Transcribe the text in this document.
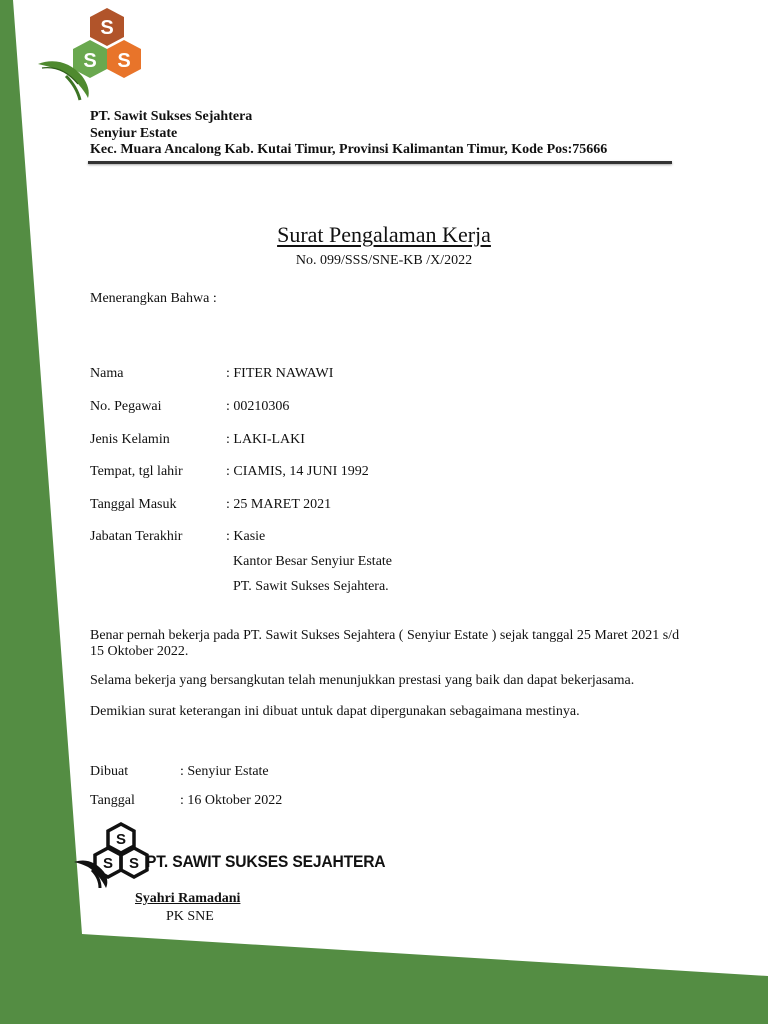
S
S S
PT. Sawit Sukses Sejahtera
Senyiur Estate
Kec. Muara Ancalong Kab. Kutai Timur, Provinsi Kalimantan Timur, Kode Pos:75666
Surat Pengalaman Kerja
No. 099/SSS/SNE-KB /X/2022
Menerangkan Bahwa :
Nama	: FITER NAWAWI
No. Pegawai	: 00210306
Jenis Kelamin	: LAKI-LAKI
Tempat, tgl lahir	: CIAMIS, 14 JUNI 1992
Tanggal Masuk	: 25 MARET 2021
Jabatan Terakhir	: Kasie
Kantor Besar Senyiur Estate
PT. Sawit Sukses Sejahtera.
Benar pernah bekerja pada PT. Sawit Sukses Sejahtera ( Senyiur Estate ) sejak tanggal 25 Maret 2021 s/d 15 Oktober 2022.
Selama bekerja yang bersangkutan telah menunjukkan prestasi yang baik dan dapat bekerjasama.
Demikian surat keterangan ini dibuat untuk dapat dipergunakan sebagaimana mestinya.
Dibuat	: Senyiur Estate
Tanggal	: 16 Oktober 2022
S
S S PT. SAWIT SUKSES SEJAHTERA
Syahri Ramadani
PK SNE
